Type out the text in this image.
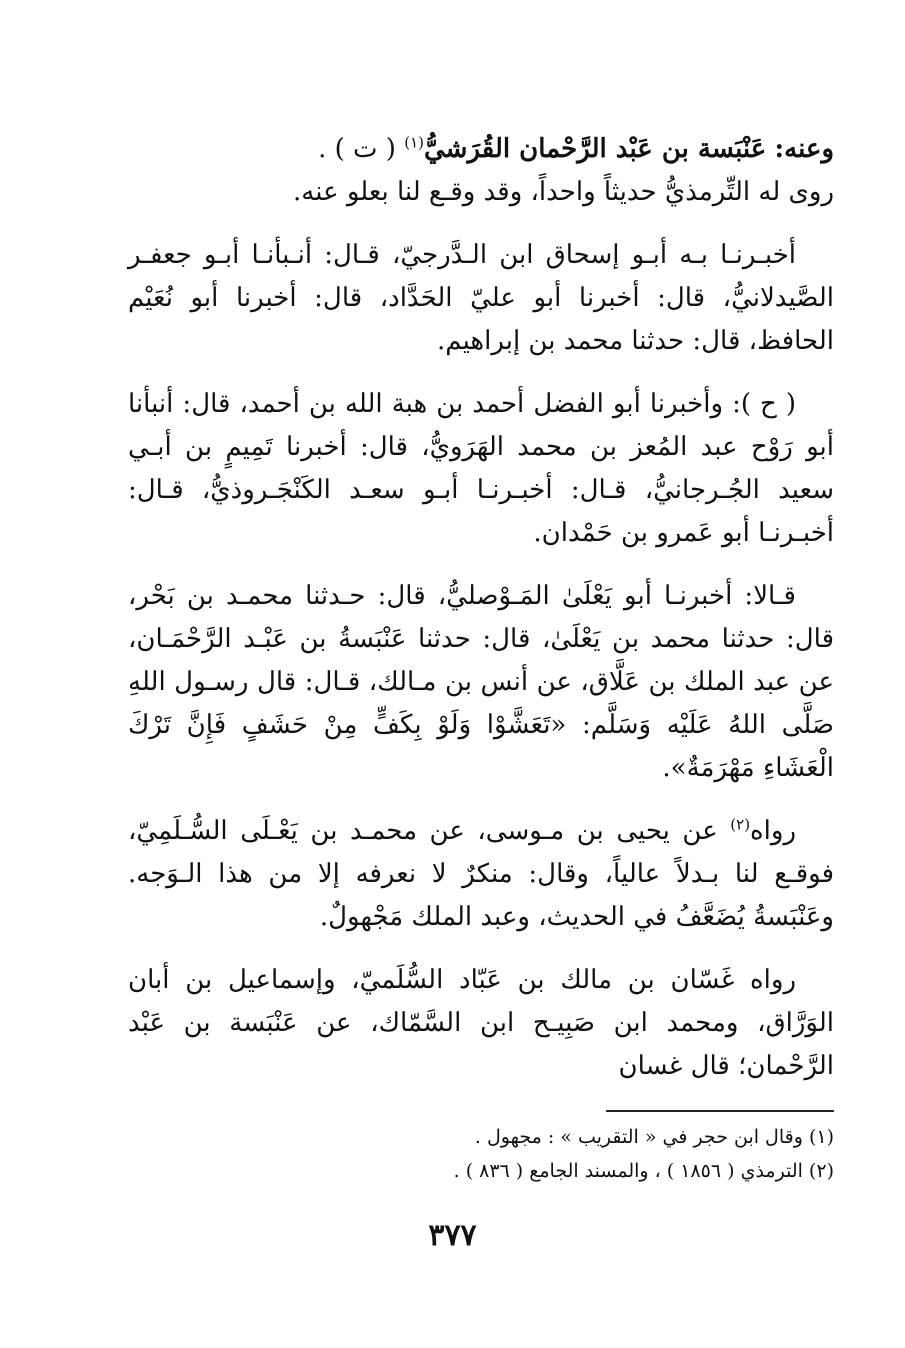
وعنه: عَنْبَسة بن عَبْد الرَّحْمان القُرَشيُّ$^{(١)}$ ( ت ) .

روى له التِّرمذيُّ حديثاً واحداً، وقد وقـع لنا بعلو عنه.

أخبـرنـا بـه أبـو إسحاق ابن الـدَّرجيّ، قـال: أنـبأنـا أبـو جعفـر الصَّيدلانيُّ، قال: أخبرنا أبو عليّ الحَدَّاد، قال: أخبرنا أبو نُعَيْم الحافظ، قال: حدثنا محمد بن إبراهيم.

( ح ): وأخبرنا أبو الفضل أحمد بن هبة الله بن أحمد، قال: أنبأنا أبو رَوْح عبد المُعز بن محمد الهَرَويُّ، قال: أخبرنا تَمِيمٍ بن أبـي سعيد الجُـرجانيُّ، قـال: أخبـرنـا أبـو سعـد الكَنْجَـروذيُّ، قـال: أخبـرنـا أبو عَمرو بن حَمْدان.

قـالا: أخبرنـا أبو يَعْلَىٰ المَـوْصليُّ، قال: حـدثنا محمـد بن بَحْر، قال: حدثنا محمد بن يَعْلَىٰ، قال: حدثنا عَنْبَسةُ بن عَبْـد الرَّحْمَـان، عن عبد الملك بن عَلَّاق، عن أنس بن مـالك، قـال: قال رسـول اللهِ صَلَّى اللهُ عَلَيْه وَسَلَّم: «تَعَشَّوْا وَلَوْ بِكَفٍّ مِنْ حَشَفٍ فَإِنَّ تَرْكَ الْعَشَاءِ مَهْرَمَةٌ».

رواه$^{(٢)}$ عن يحيى بن مـوسى، عن محمـد بن يَعْـلَى السُّـلَمِيّ، فوقـع لنا بـدلاً عالياً، وقال: منكرٌ لا نعرفه إلا من هذا الـوَجه. وعَنْبَسةُ يُضَعَّفُ في الحديث، وعبد الملك مَجْهولٌ.

رواه غَسّان بن مالك بن عَبّاد السُّلَميّ، وإسماعيل بن أبان الوَرَّاق، ومحمد ابن صَبِيـح ابن السَّمّاك، عن عَنْبَسة بن عَبْد الرَّحْمان؛ قال غسان

(١) وقال ابن حجر في « التقريب » : مجهول .

(٢) الترمذي ( ١٨٥٦ ) ، والمسند الجامع ( ٨٣٦ ) .

٣٧٧
